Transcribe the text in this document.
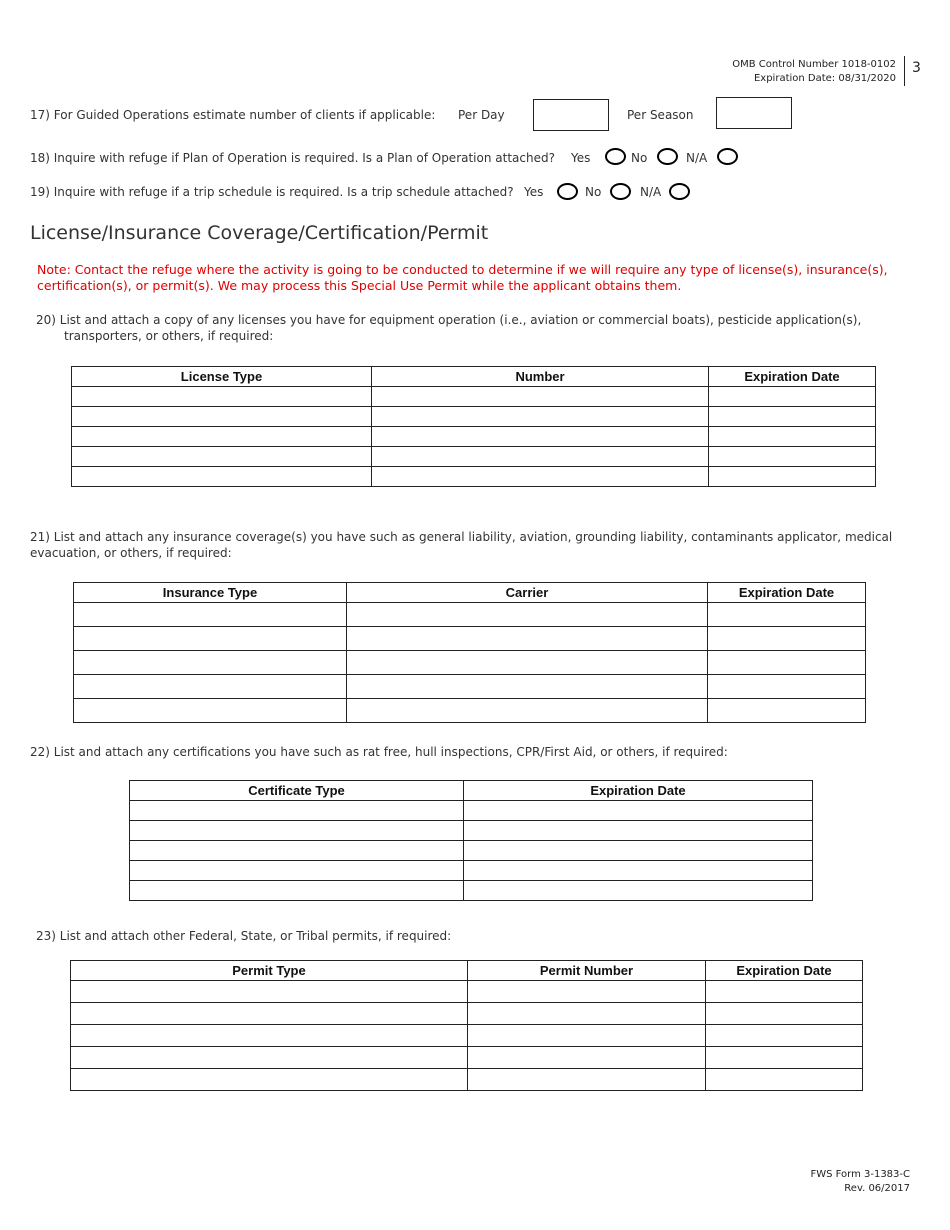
OMB Control Number 1018-0102
Expiration Date: 08/31/2020
3
17) For Guided Operations estimate number of clients if applicable: Per Day	Per Season
18) Inquire with refuge if Plan of Operation is required. Is a Plan of Operation attached? Yes	No	N/A
19) Inquire with refuge if a trip schedule is required. Is a trip schedule attached? Yes	No	N/A
License/Insurance Coverage/Certification/Permit
Note: Contact the refuge where the activity is going to be conducted to determine if we will require any type of license(s), insurance(s), certification(s), or permit(s). We may process this Special Use Permit while the applicant obtains them.
20) List and attach a copy of any licenses you have for equipment operation (i.e., aviation or commercial boats), pesticide application(s),
transporters, or others, if required:
License Type	Number	Expiration Date

21) List and attach any insurance coverage(s) you have such as general liability, aviation, grounding liability, contaminants applicator, medical evacuation, or others, if required:
Insurance Type	Carrier	Expiration Date

22) List and attach any certifications you have such as rat free, hull inspections, CPR/First Aid, or others, if required:
Certificate Type	Expiration Date

23) List and attach other Federal, State, or Tribal permits, if required:
Permit Type	Permit Number	Expiration Date

FWS Form 3-1383-C
Rev. 06/2017
